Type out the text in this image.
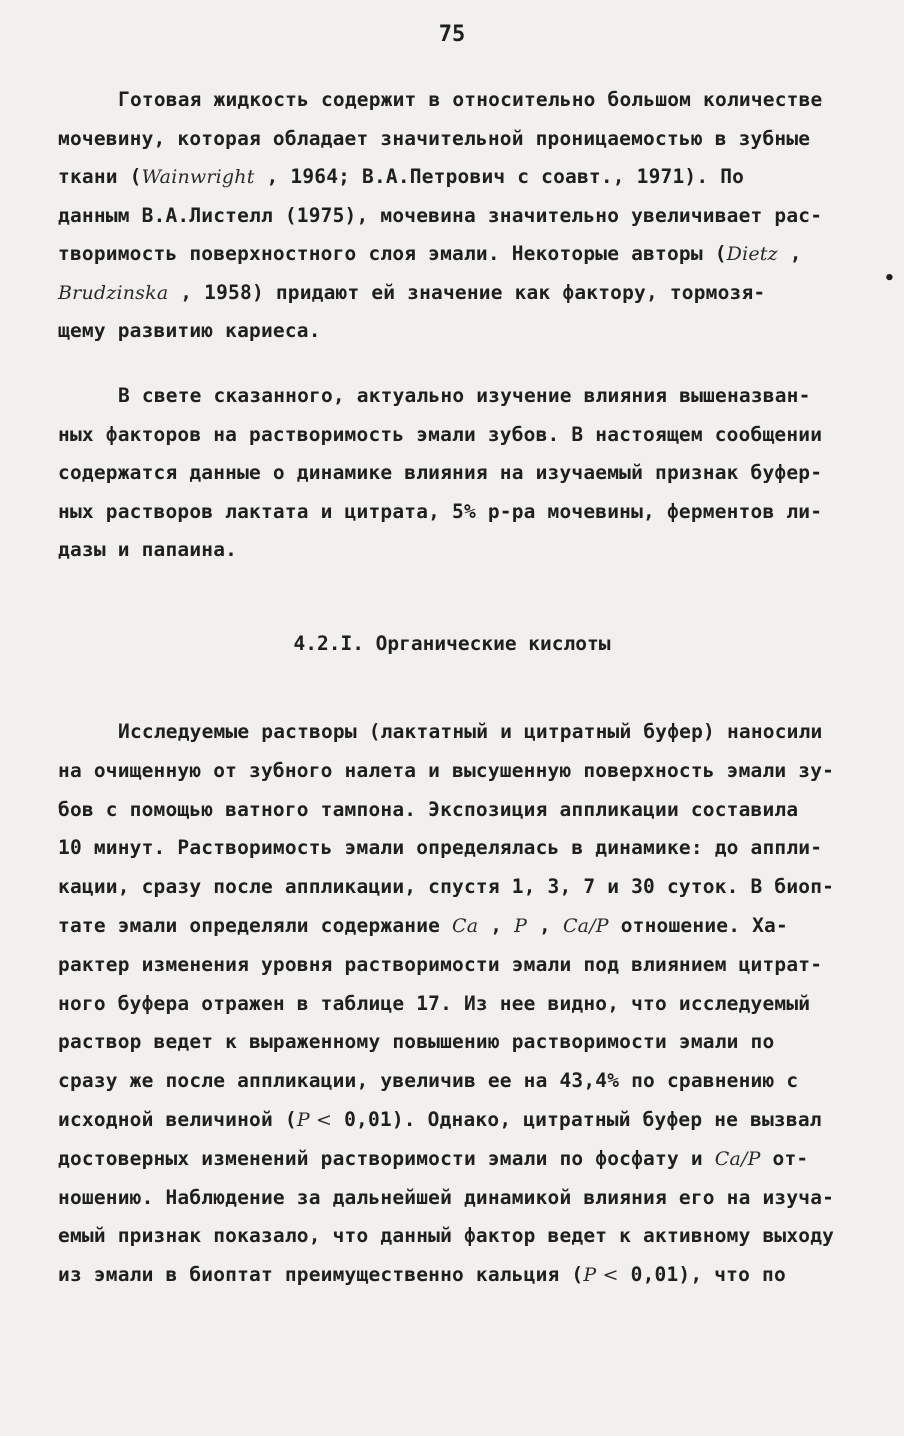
75
Готовая жидкость содержит в относительно большом количестве
мочевину, которая обладает значительной проницаемостью в зубные
ткани (Wainwright , 1964; В.А.Петрович с соавт., 1971). По
данным В.А.Листелл (1975), мочевина значительно увеличивает рас-
творимость поверхностного слоя эмали. Некоторые авторы (Dietz ,
Brudzinska , 1958) придают ей значение как фактору, тормозя-
щему развитию кариеса.
В свете сказанного, актуально изучение влияния вышеназван-
ных факторов на растворимость эмали зубов. В настоящем сообщении
содержатся данные о динамике влияния на изучаемый признак буфер-
ных растворов лактата и цитрата, 5% р-ра мочевины, ферментов ли-
дазы и папаина.
4.2.I. Органические кислоты
Исследуемые растворы (лактатный и цитратный буфер) наносили
на очищенную от зубного налета и высушенную поверхность эмали зу-
бов с помощью ватного тампона. Экспозиция аппликации составила
10 минут. Растворимость эмали определялась в динамике: до аппли-
кации, сразу после аппликации, спустя 1, 3, 7 и 30 суток. В биоп-
тате эмали определяли содержание Ca , P , Ca/P отношение. Ха-
рактер изменения уровня растворимости эмали под влиянием цитрат-
ного буфера отражен в таблице 17. Из нее видно, что исследуемый
раствор ведет к выраженному повышению растворимости эмали по
сразу же после аппликации, увеличив ее на 43,4% по сравнению с
исходной величиной (P < 0,01). Однако, цитратный буфер не вызвал
достоверных изменений растворимости эмали по фосфату и Ca/P от-
ношению. Наблюдение за дальнейшей динамикой влияния его на изуча-
емый признак показало, что данный фактор ведет к активному выходу
из эмали в биоптат преимущественно кальция (P < 0,01), что по
•
